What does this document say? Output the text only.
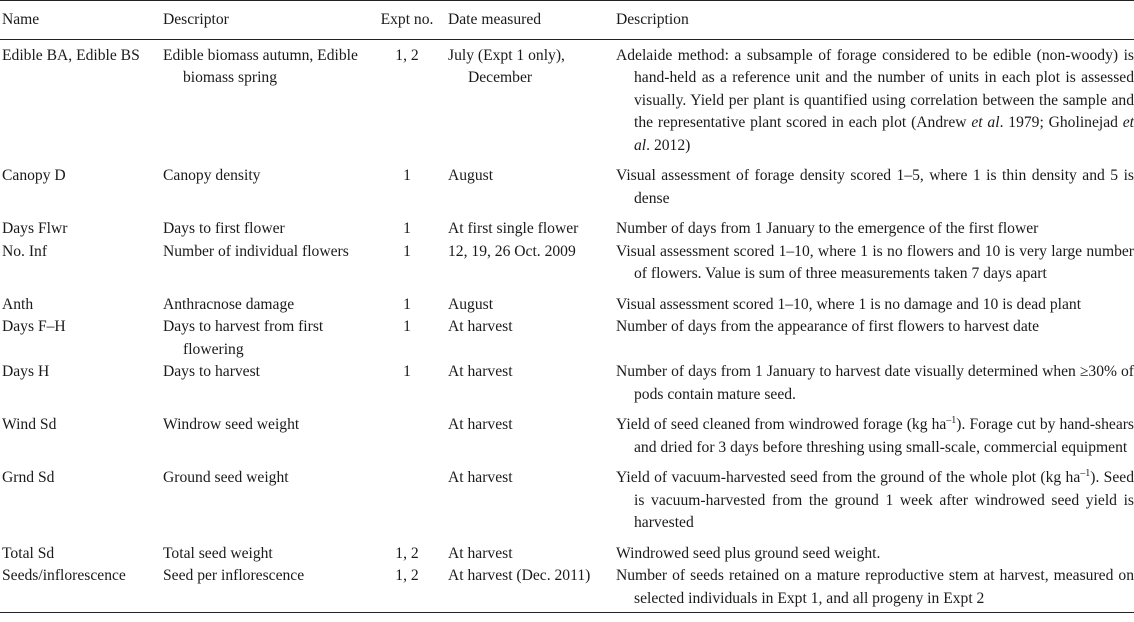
Name	Descriptor	Expt no.	Date measured	Description

Edible BA, Edible BS	Edible biomass autumn, Edible biomass spring	1, 2	July (Expt 1 only), December	Adelaide method: a subsample of forage considered to be edible (non-woody) is hand-held as a reference unit and the number of units in each plot is assessed visually. Yield per plant is quantified using correlation between the sample and the representative plant scored in each plot (Andrew et al. 1979; Gholinejad et al. 2012)

Canopy D	Canopy density	1	August	Visual assessment of forage density scored 1–5, where 1 is thin density and 5 is dense

Days Flwr	Days to first flower	1	At first single flower	Number of days from 1 January to the emergence of the first flower

No. Inf	Number of individual flowers	1	12, 19, 26 Oct. 2009	Visual assessment scored 1–10, where 1 is no flowers and 10 is very large number of flowers. Value is sum of three measurements taken 7 days apart

Anth	Anthracnose damage	1	August	Visual assessment scored 1–10, where 1 is no damage and 10 is dead plant

Days F–H	Days to harvest from first flowering	1	At harvest	Number of days from the appearance of first flowers to harvest date

Days H	Days to harvest	1	At harvest	Number of days from 1 January to harvest date visually determined when ≥30% of pods contain mature seed.

Wind Sd	Windrow seed weight		At harvest	Yield of seed cleaned from windrowed forage (kg $ha^{-1}$). Forage cut by hand-shears and dried for 3 days before threshing using small-scale, commercial equipment

Grnd Sd	Ground seed weight		At harvest	Yield of vacuum-harvested seed from the ground of the whole plot (kg $ha^{-1}$). Seed is vacuum-harvested from the ground 1 week after windrowed seed yield is harvested

Total Sd	Total seed weight	1, 2	At harvest	Windrowed seed plus ground seed weight.

Seeds/inflorescence	Seed per inflorescence	1, 2	At harvest (Dec. 2011)	Number of seeds retained on a mature reproductive stem at harvest, measured on selected individuals in Expt 1, and all progeny in Expt 2
